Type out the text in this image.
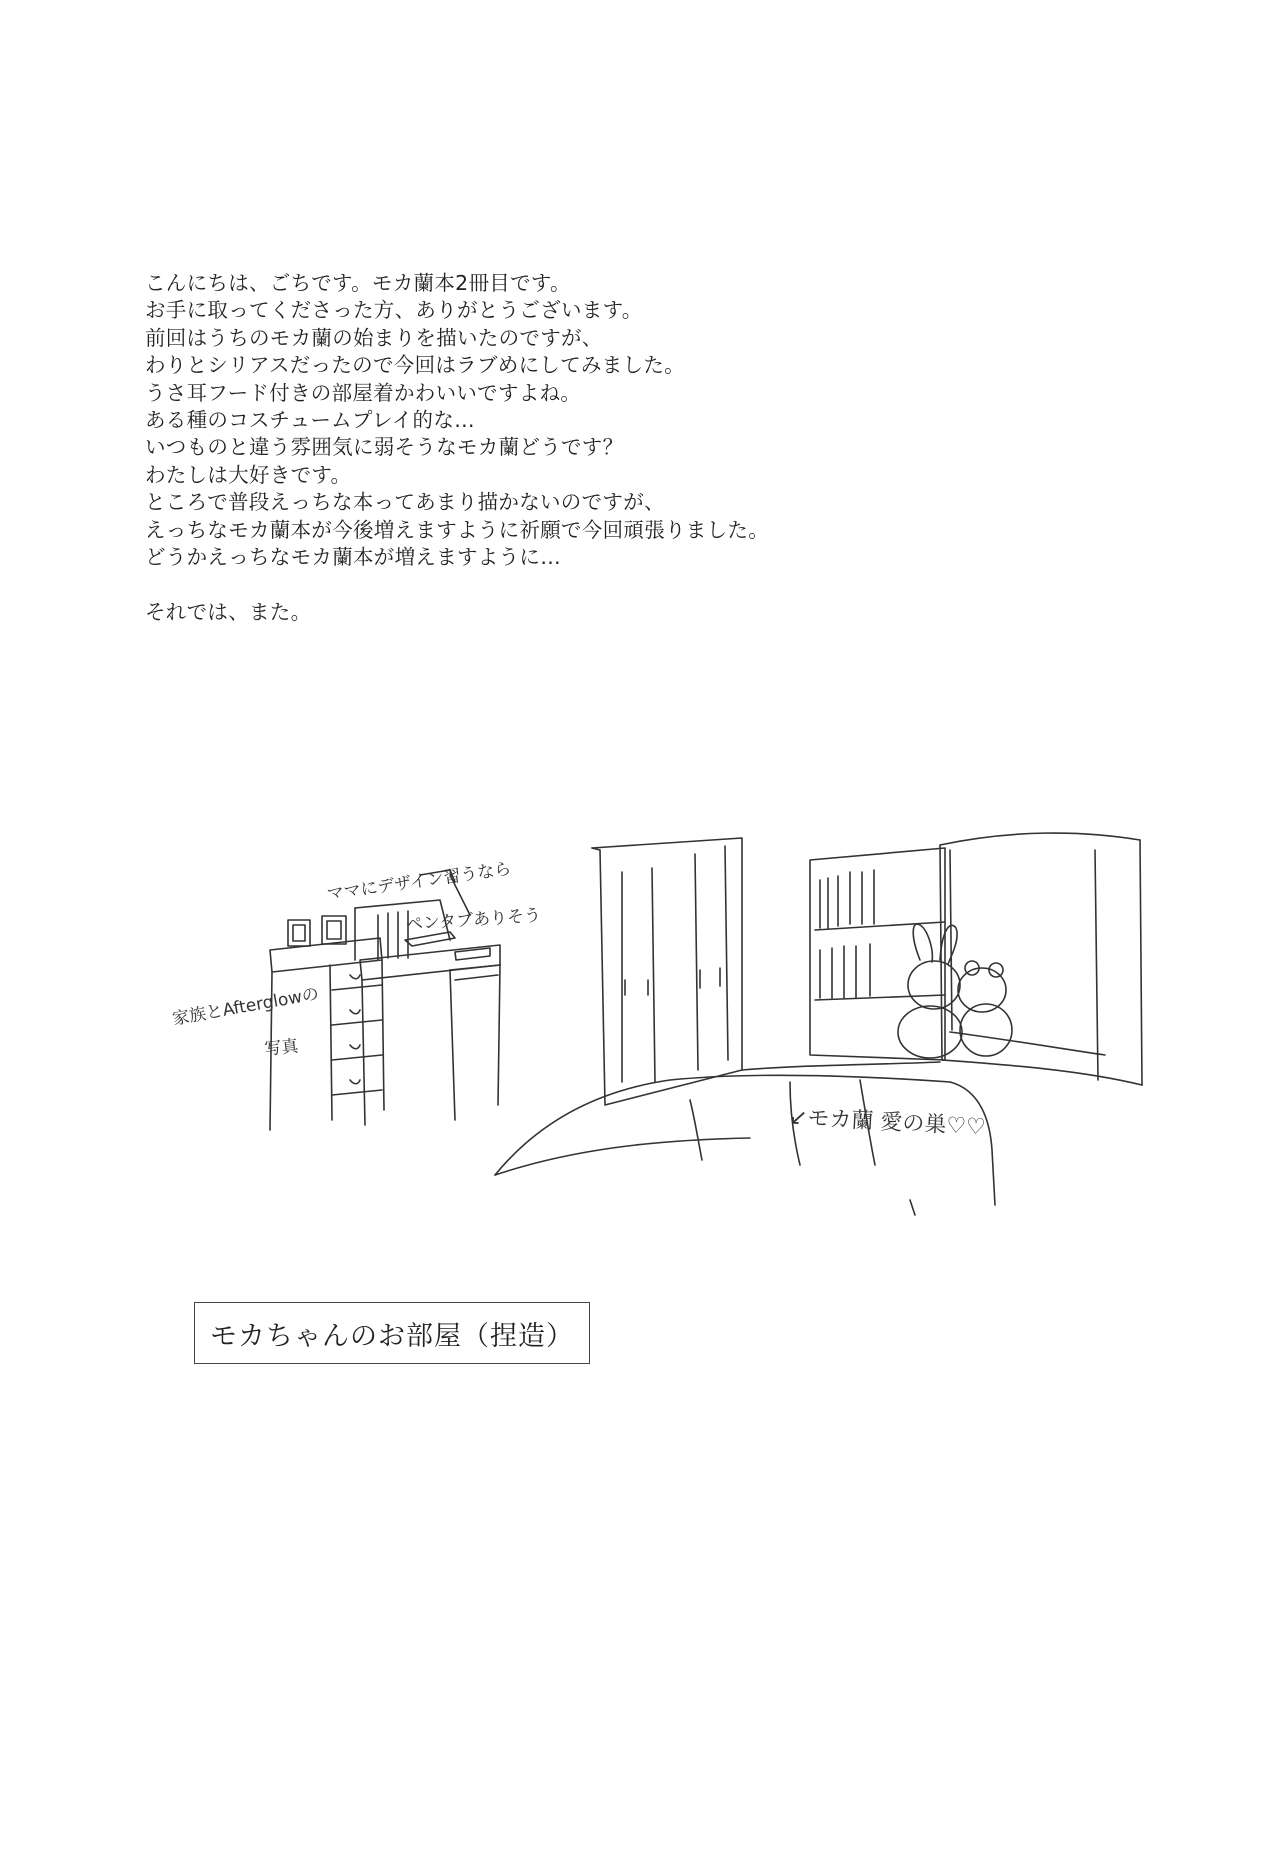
こんにちは、ごちです。モカ蘭本2冊目です。
お手に取ってくださった方、ありがとうございます。
前回はうちのモカ蘭の始まりを描いたのですが、
わりとシリアスだったので今回はラブめにしてみました。
うさ耳フード付きの部屋着かわいいですよね。
ある種のコスチュームプレイ的な…
いつものと違う雰囲気に弱そうなモカ蘭どうです？
わたしは大好きです。
ところで普段えっちな本ってあまり描かないのですが、
えっちなモカ蘭本が今後増えますように祈願で今回頑張りました。
どうかえっちなモカ蘭本が増えますように…
それでは、また。
ママにデザイン習うなら
ペンタブありそう
家族とAfterglowの
写真
↙モカ蘭 愛の巣♡♡
モカちゃんのお部屋（捏造）
